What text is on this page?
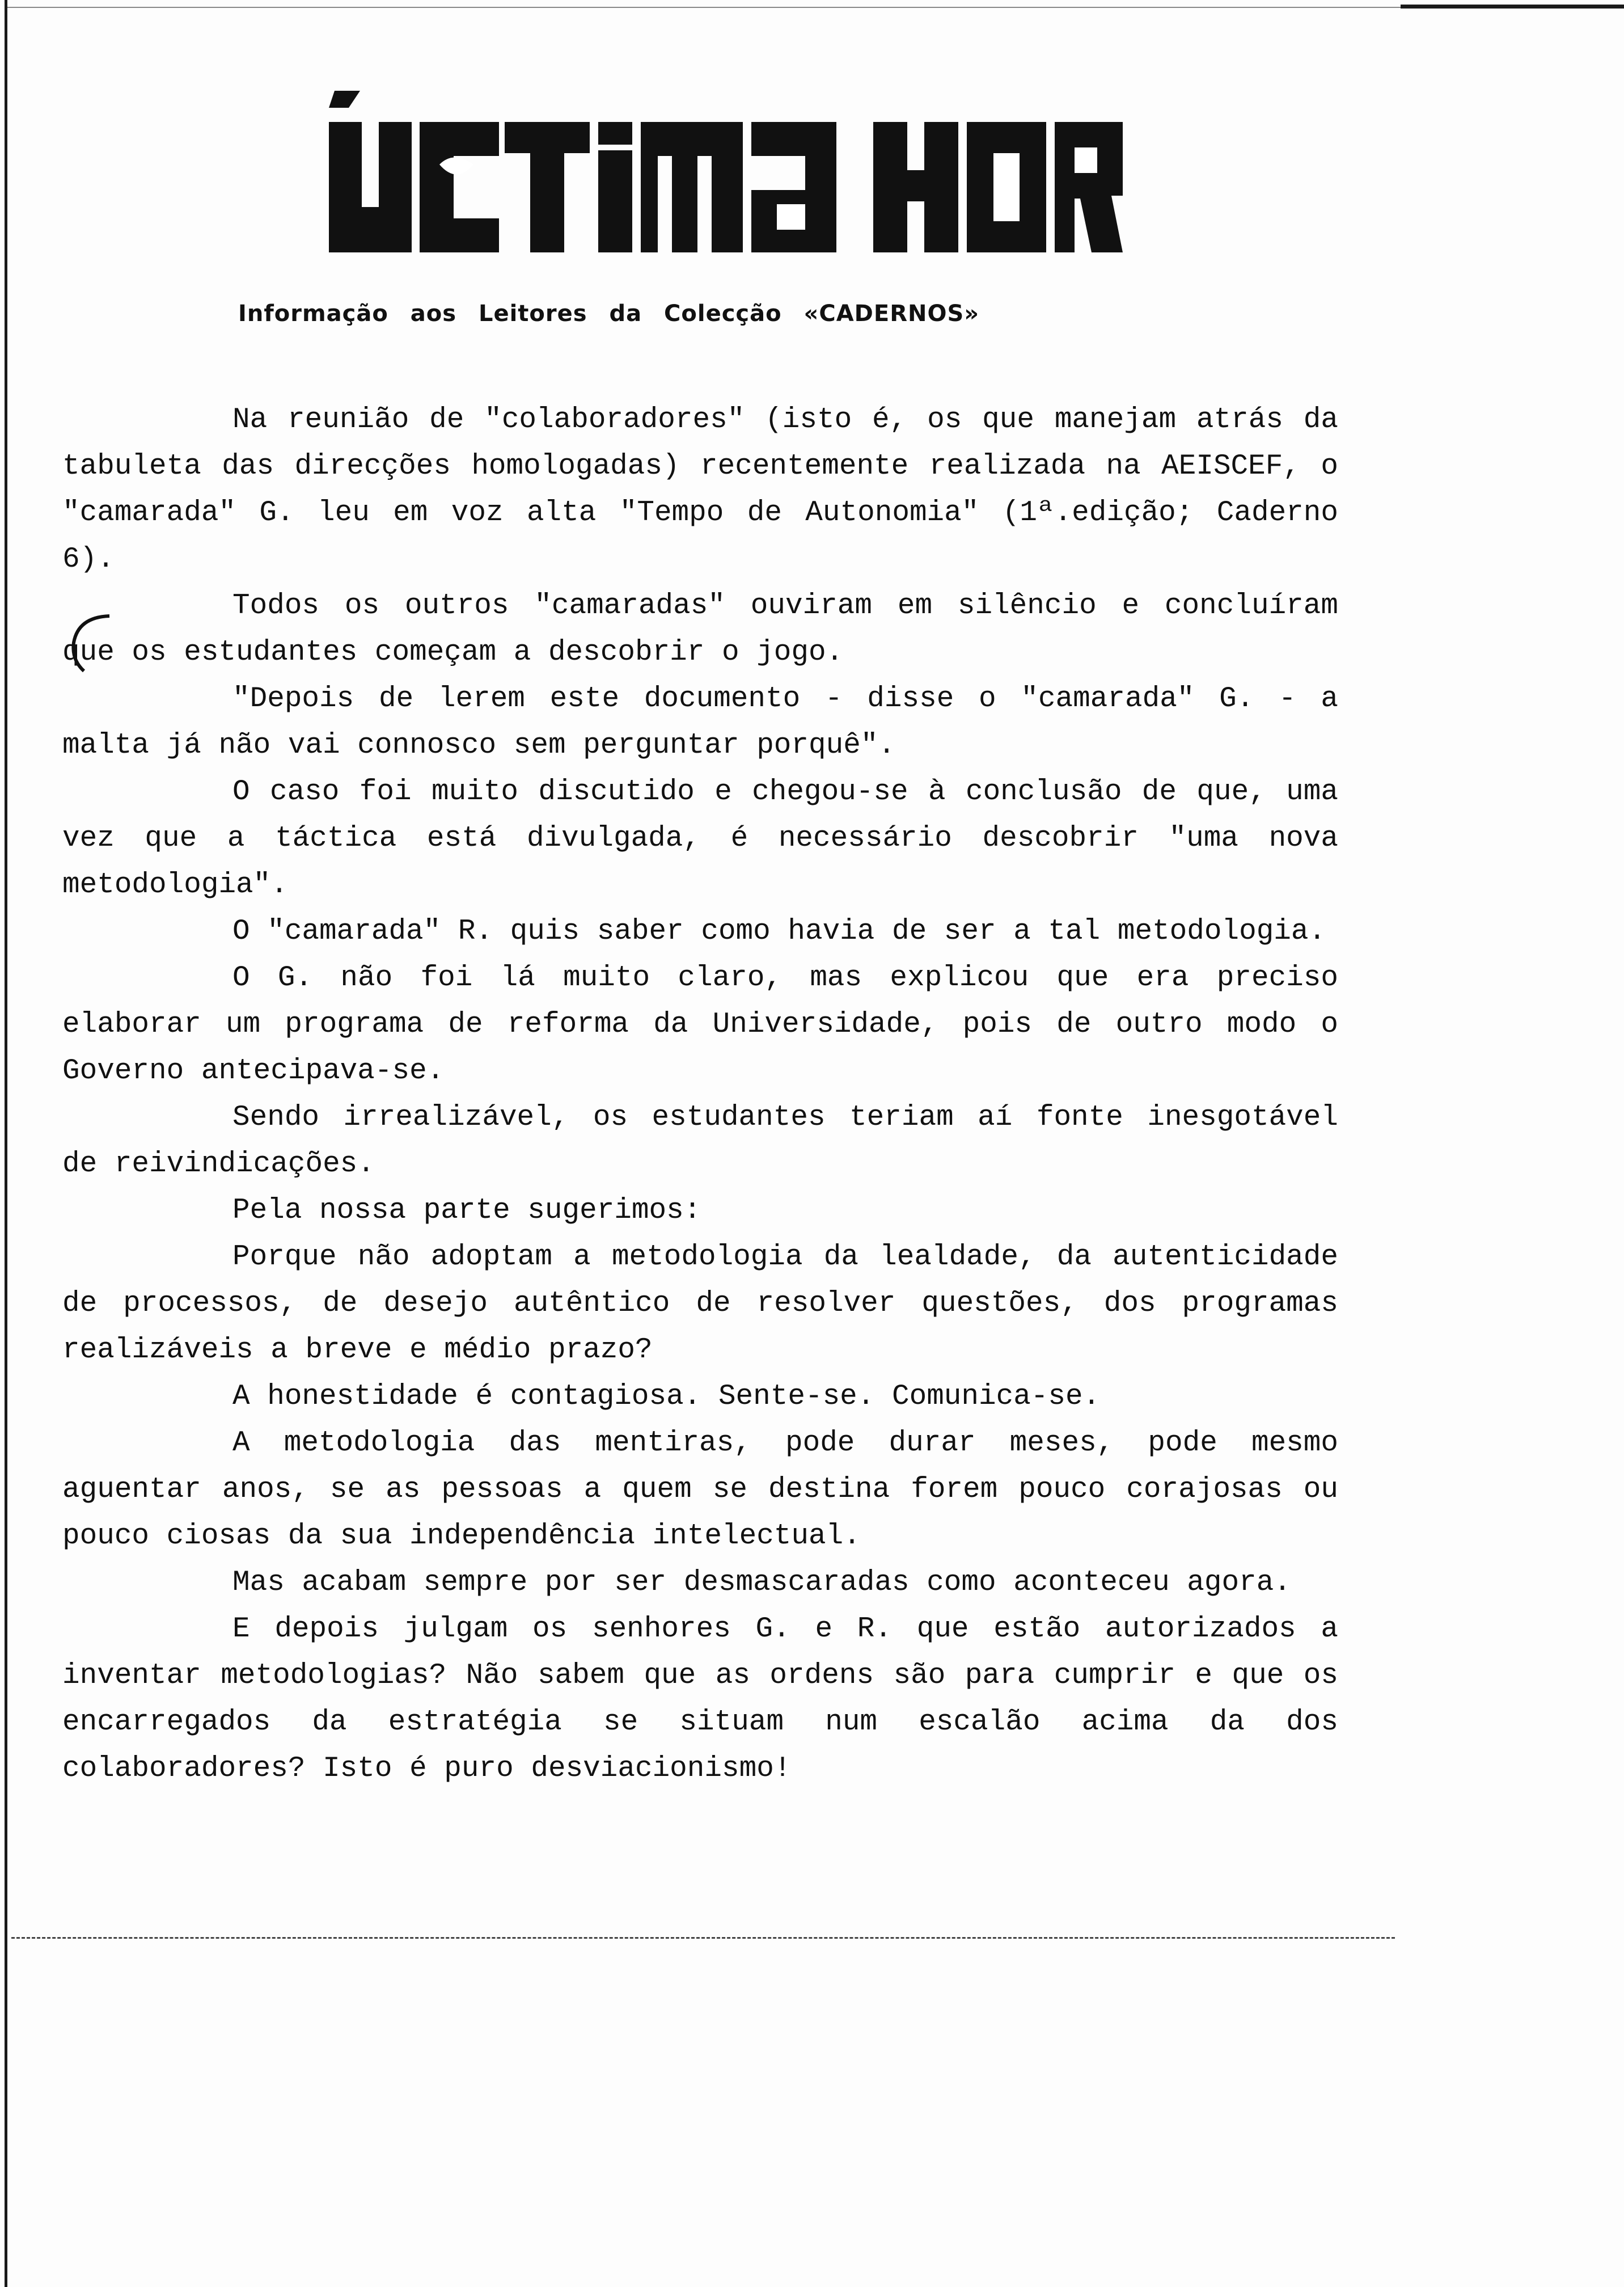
Informação aos Leitores da Colecção «CADERNOS»

Na reunião de "colaboradores" (isto é, os que manejam atrás da tabuleta das direcções homologadas) recentemente realizada na AEISCEF, o "camarada" G. leu em voz alta "Tempo de Autonomia" (1ª.edição; Caderno 6).

Todos os outros "camaradas" ouviram em silêncio e concluíram que os estudantes começam a descobrir o jogo.

"Depois de lerem este documento - disse o "camarada" G. - a malta já não vai connosco sem perguntar porquê".

O caso foi muito discutido e chegou-se à conclusão de que, uma vez que a táctica está divulgada, é necessário descobrir "uma nova metodologia".

O "camarada" R. quis saber como havia de ser a tal metodologia.

O G. não foi lá muito claro, mas explicou que era preciso elaborar um programa de reforma da Universidade, pois de outro modo o Governo antecipava-se.

Sendo irrealizável, os estudantes teriam aí fonte inesgotável de reivindicações.

Pela nossa parte sugerimos:

Porque não adoptam a metodologia da lealdade, da autenticidade de processos, de desejo autêntico de resolver questões, dos programas realizáveis a breve e médio prazo?

A honestidade é contagiosa. Sente-se. Comunica-se.

A metodologia das mentiras, pode durar meses, pode mesmo aguentar anos, se as pessoas a quem se destina forem pouco corajosas ou pouco ciosas da sua independência intelectual.

Mas acabam sempre por ser desmascaradas como aconteceu agora.

E depois julgam os senhores G. e R. que estão autorizados a inventar metodologias? Não sabem que as ordens são para cumprir e que os encarregados da estratégia se situam num escalão acima da dos colaboradores? Isto é puro desviacionismo!
